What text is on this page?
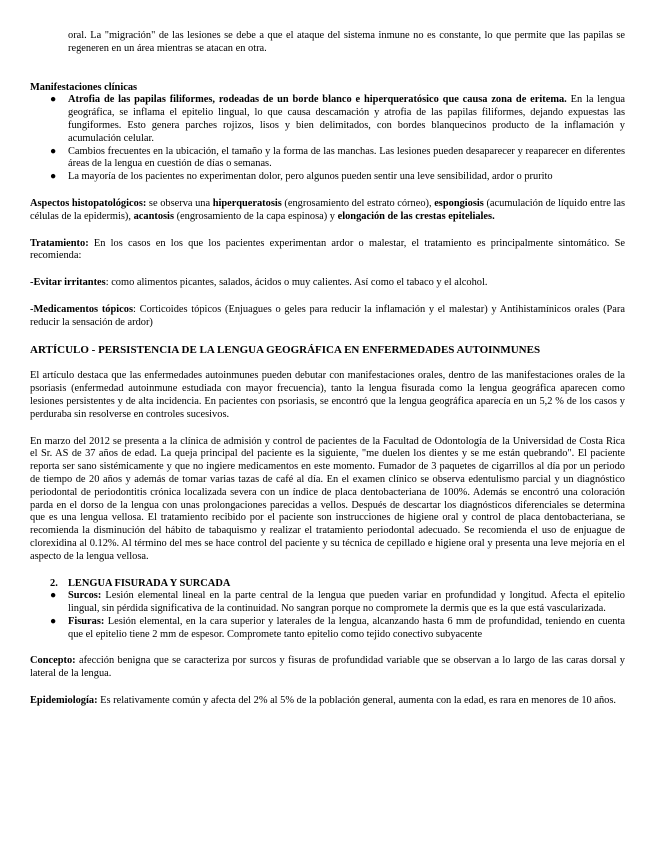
oral. La "migración" de las lesiones se debe a que el ataque del sistema inmune no es constante, lo que permite que las papilas se regeneren en un área mientras se atacan en otra.

Manifestaciones clínicas
● Atrofia de las papilas filiformes, rodeadas de un borde blanco e hiperqueratósico que causa zona de eritema. En la lengua geográfica, se inflama el epitelio lingual, lo que causa descamación y atrofia de las papilas filiformes, dejando expuestas las fungiformes. Esto genera parches rojizos, lisos y bien delimitados, con bordes blanquecinos producto de la inflamación y acumulación celular.
● Cambios frecuentes en la ubicación, el tamaño y la forma de las manchas. Las lesiones pueden desaparecer y reaparecer en diferentes áreas de la lengua en cuestión de días o semanas.
● La mayoría de los pacientes no experimentan dolor, pero algunos pueden sentir una leve sensibilidad, ardor o prurito

Aspectos histopatológicos: se observa una hiperqueratosis (engrosamiento del estrato córneo), espongiosis (acumulación de líquido entre las células de la epidermis), acantosis (engrosamiento de la capa espinosa) y elongación de las crestas epiteliales.

Tratamiento: En los casos en los que los pacientes experimentan ardor o malestar, el tratamiento es principalmente sintomático. Se recomienda:

-Evitar irritantes: como alimentos picantes, salados, ácidos o muy calientes. Así como el tabaco y el alcohol.

-Medicamentos tópicos: Corticoides tópicos (Enjuagues o geles para reducir la inflamación y el malestar) y Antihistamínicos orales (Para reducir la sensación de ardor)

ARTÍCULO - PERSISTENCIA DE LA LENGUA GEOGRÁFICA EN ENFERMEDADES AUTOINMUNES

El artículo destaca que las enfermedades autoinmunes pueden debutar con manifestaciones orales, dentro de las manifestaciones orales de la psoriasis (enfermedad autoinmune estudiada con mayor frecuencia), tanto la lengua fisurada como la lengua geográfica aparecen como lesiones persistentes y de alta incidencia. En pacientes con psoriasis, se encontró que la lengua geográfica aparecía en un 5,2 % de los casos y perduraba sin resolverse en controles sucesivos.

En marzo del 2012 se presenta a la clínica de admisión y control de pacientes de la Facultad de Odontología de la Universidad de Costa Rica el Sr. AS de 37 años de edad. La queja principal del paciente es la siguiente, "me duelen los dientes y se me están quebrando". El paciente reporta ser sano sistémicamente y que no ingiere medicamentos en este momento. Fumador de 3 paquetes de cigarrillos al día por un periodo de tiempo de 20 años y además de tomar varias tazas de café al día. En el examen clínico se observa edentulismo parcial y un diagnóstico periodontal de periodontitis crónica localizada severa con un índice de placa dentobacteriana de 100%. Además se encontró una coloración parda en el dorso de la lengua con unas prolongaciones parecidas a vellos. Después de descartar los diagnósticos diferenciales se determina que es una lengua vellosa. El tratamiento recibido por el paciente son instrucciones de higiene oral y control de placa dentobacteriana, se recomienda la disminución del hábito de tabaquismo y realizar el tratamiento periodontal adecuado. Se recomienda el uso de enjuague de clorexidina al 0.12%. Al término del mes se hace control del paciente y su técnica de cepillado e higiene oral y presenta una leve mejoría en el aspecto de la lengua vellosa.

2. LENGUA FISURADA Y SURCADA
● Surcos: Lesión elemental lineal en la parte central de la lengua que pueden variar en profundidad y longitud. Afecta el epitelio lingual, sin pérdida significativa de la continuidad. No sangran porque no compromete la dermis que es la que está vascularizada.
● Fisuras: Lesión elemental, en la cara superior y laterales de la lengua, alcanzando hasta 6 mm de profundidad, teniendo en cuenta que el epitelio tiene 2 mm de espesor. Compromete tanto epitelio como tejido conectivo subyacente

Concepto: afección benigna que se caracteriza por surcos y fisuras de profundidad variable que se observan a lo largo de las caras dorsal y lateral de la lengua.

Epidemiología: Es relativamente común y afecta del 2% al 5% de la población general, aumenta con la edad, es rara en menores de 10 años.
